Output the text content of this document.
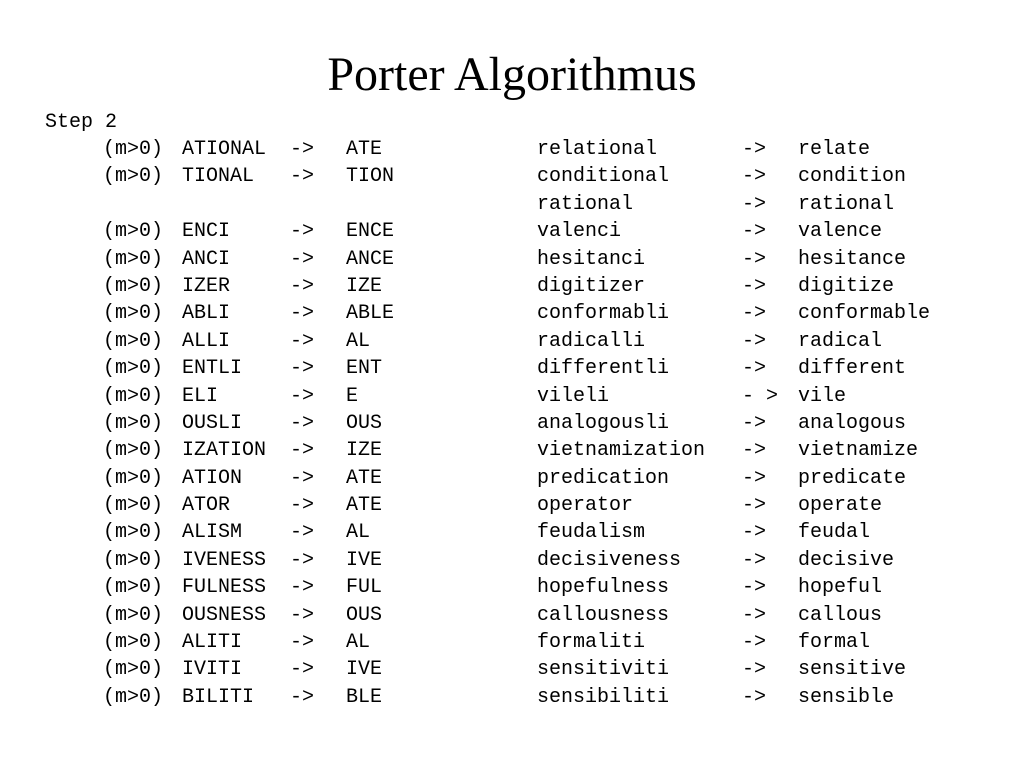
Porter Algorithmus
Step 2
(m>0) ATIONAL -> ATE	relational	-> relate
(m>0) TIONAL -> TION	conditional	-> condition
rational	-> rational
(m>0) ENCI	-> ENCE	valenci	-> valence
(m>0) ANCI	-> ANCE	hesitanci	-> hesitance
(m>0) IZER	-> IZE	digitizer	-> digitize
(m>0) ABLI	-> ABLE	conformabli	-> conformable
(m>0) ALLI	-> AL	radicalli	-> radical
(m>0) ENTLI -> ENT	differentli	-> different
(m>0) ELI	-> E	vileli	- > vile
(m>0) OUSLI -> OUS	analogousli	-> analogous
(m>0) IZATION -> IZE	vietnamization -> vietnamize
(m>0) ATION -> ATE	predication	-> predicate
(m>0) ATOR	-> ATE	operator	-> operate
(m>0) ALISM -> AL	feudalism	-> feudal
(m>0) IVENESS -> IVE	decisiveness	-> decisive
(m>0) FULNESS -> FUL	hopefulness	-> hopeful
(m>0) OUSNESS -> OUS	callousness	-> callous
(m>0) ALITI -> AL	formaliti	-> formal
(m>0) IVITI -> IVE	sensitiviti	-> sensitive
(m>0) BILITI -> BLE	sensibiliti	-> sensible
